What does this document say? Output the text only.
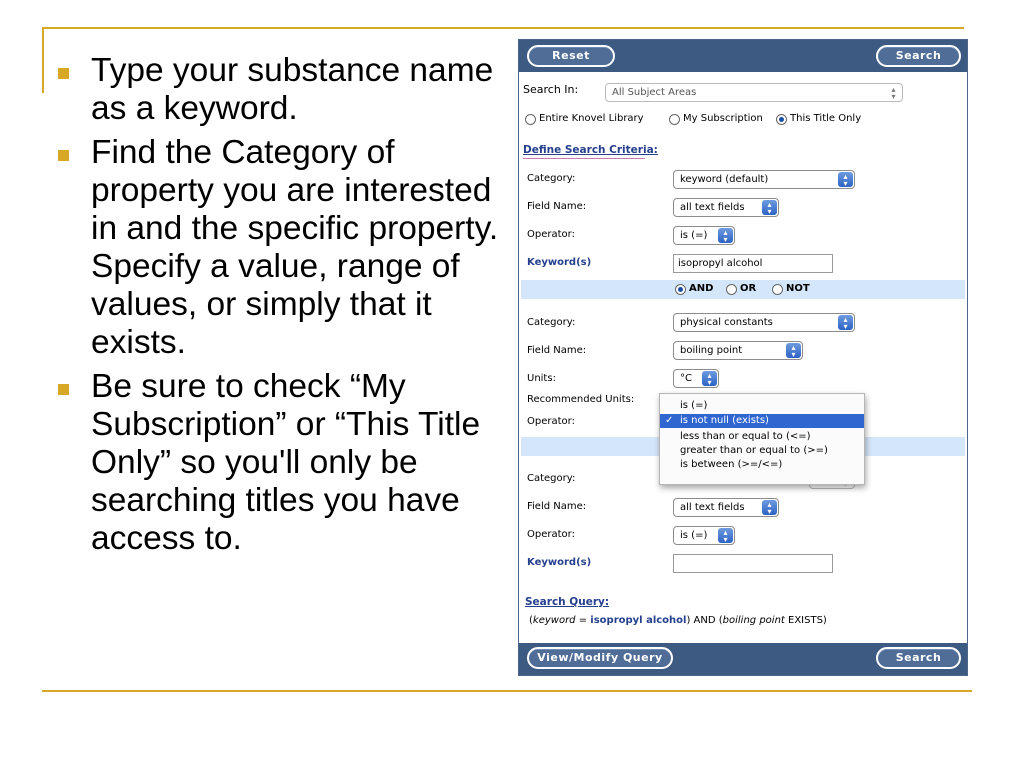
Type your substance name as a keyword.
Find the Category of property you are interested in and the specific property. Specify a value, range of values, or simply that it exists.
Be sure to check “My Subscription” or “This Title Only” so you'll only be searching titles you have access to.
Reset	Search
Search In:	All Subject Areas	▴
▾
Entire Knovel Library	My Subscription	This Title Only
Define Search Criteria:
Category:	keyword (default)	▴
▾
Field Name:	all text fields	▴
▾
Operator:	is (=)	▴
▾
Keyword(s)	isopropyl alcohol
AND	OR	NOT
Category:	physical constants	▴
▾
Field Name:	boiling point	▴
▾
Units:	°C	▴
▾
Recommended Units:
Operator:
Category:

Field Name:	all text fields	▴
▾
Operator:	is (=)	▴
▾
Keyword(s)
Search Query:
(keyword = isopropyl alcohol) AND (boiling point EXISTS)
is (=)
✓ is not null (exists)
less than or equal to (<=)
greater than or equal to (>=)
is between (>=/<=)
View/Modify Query	Search
